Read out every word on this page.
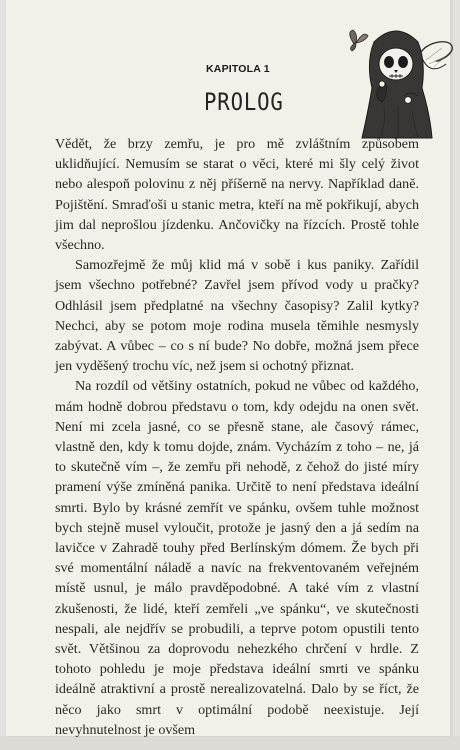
KAPITOLA 1
PROLOG

Vědět, že brzy zemřu, je pro mě zvláštním způsobem uklidňující. Nemusím se starat o věci, které mi šly celý život nebo alespoň polovinu z něj příšerně na nervy. Například daně. Pojištění. Smraďoši u stanic metra, kteří na mě pokřikují, abych jim dal neprošlou jízdenku. Ančovičky na řízcích. Prostě tohle všechno.

Samozřejmě že můj klid má v sobě i kus paniky. Zařídil jsem všechno potřebné? Zavřel jsem přívod vody u pračky? Odhlásil jsem předplatné na všechny časopisy? Zalil kytky? Nechci, aby se potom moje rodina musela těmihle nesmysly zabývat. A vůbec – co s ní bude? No dobře, možná jsem přece jen vyděšený trochu víc, než jsem si ochotný přiznat.

Na rozdíl od většiny ostatních, pokud ne vůbec od každého, mám hodně dobrou představu o tom, kdy odejdu na onen svět. Není mi zcela jasné, co se přesně stane, ale časový rámec, vlastně den, kdy k tomu dojde, znám. Vycházím z toho – ne, já to skutečně vím –, že zemřu při nehodě, z čehož do jisté míry pramení výše zmíněná panika. Určitě to není představa ideální smrti. Bylo by krásné zemřít ve spánku, ovšem tuhle možnost bych stejně musel vyloučit, protože je jasný den a já sedím na lavičce v Zahradě touhy před Berlínským dómem. Že bych při své momentální náladě a navíc na frekventovaném veřejném místě usnul, je málo pravděpodobné. A také vím z vlastní zkušenosti, že lidé, kteří zemřeli „ve spánku“, ve skutečnosti nespali, ale nejdřív se probudili, a teprve potom opustili tento svět. Většinou za doprovodu nehezkého chrčení v hrdle. Z tohoto pohledu je moje představa ideální smrti ve spánku ideálně atraktivní a prostě nerealizovatelná. Dalo by se říct, že něco jako smrt v optimální podobě neexistuje. Její nevyhnutelnost je ovšem
